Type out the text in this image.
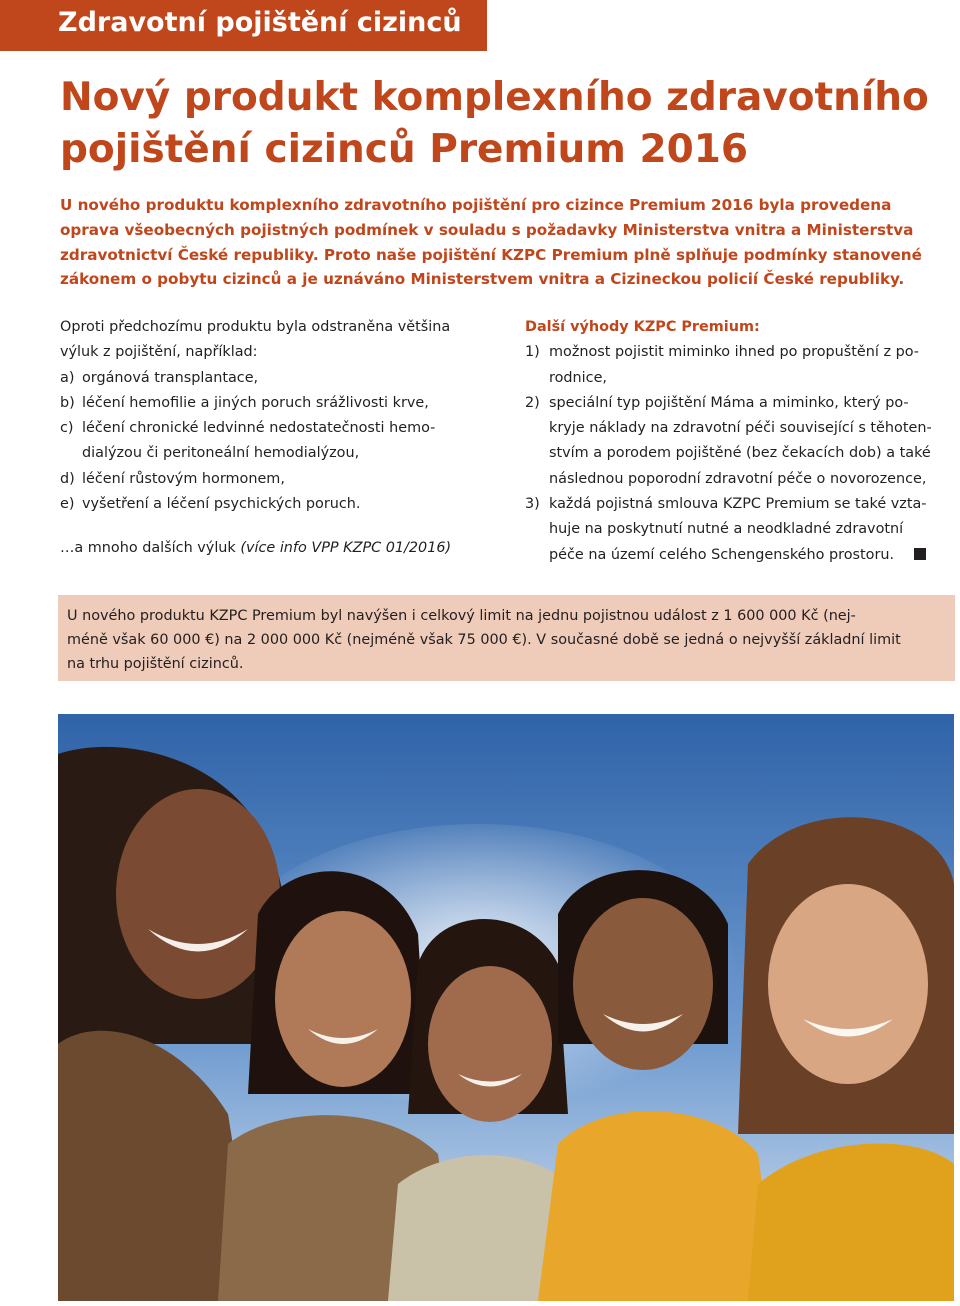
Zdravotní pojištění cizinců
Nový produkt komplexního zdravotního
pojištění cizinců Premium 2016
U nového produktu komplexního zdravotního pojištění pro cizince Premium 2016 byla provedena
oprava všeobecných pojistných podmínek v souladu s požadavky Ministerstva vnitra a Ministerstva
zdravotnictví České republiky. Proto naše pojištění KZPC Premium plně splňuje podmínky stanovené
zákonem o pobytu cizinců a je uznáváno Ministerstvem vnitra a Cizineckou policií České republiky.
Oproti předchozímu produktu byla odstraněna většina
výluk z pojištění, například:
a) orgánová transplantace,
b) léčení hemofilie a jiných poruch srážlivosti krve,
c) léčení chronické ledvinné nedostatečnosti hemo-
dialýzou či peritoneální hemodialýzou,
d) léčení růstovým hormonem,
e) vyšetření a léčení psychických poruch.
…a mnoho dalších výluk (více info VPP KZPC 01/2016)
Další výhody KZPC Premium:
1) možnost pojistit miminko ihned po propuštění z po-
rodnice,
2) speciální typ pojištění Máma a miminko, který po-
kryje náklady na zdravotní péči související s těhoten-
stvím a porodem pojištěné (bez čekacích dob) a také
následnou poporodní zdravotní péče o novorozence,
3) každá pojistná smlouva KZPC Premium se také vzta-
huje na poskytnutí nutné a neodkladné zdravotní
péče na území celého Schengenského prostoru.
U nového produktu KZPC Premium byl navýšen i celkový limit na jednu pojistnou událost z 1 600 000 Kč (nej-
méně však 60 000 €) na 2 000 000 Kč (nejméně však 75 000 €). V současné době se jedná o nejvyšší základní limit
na trhu pojištění cizinců.
